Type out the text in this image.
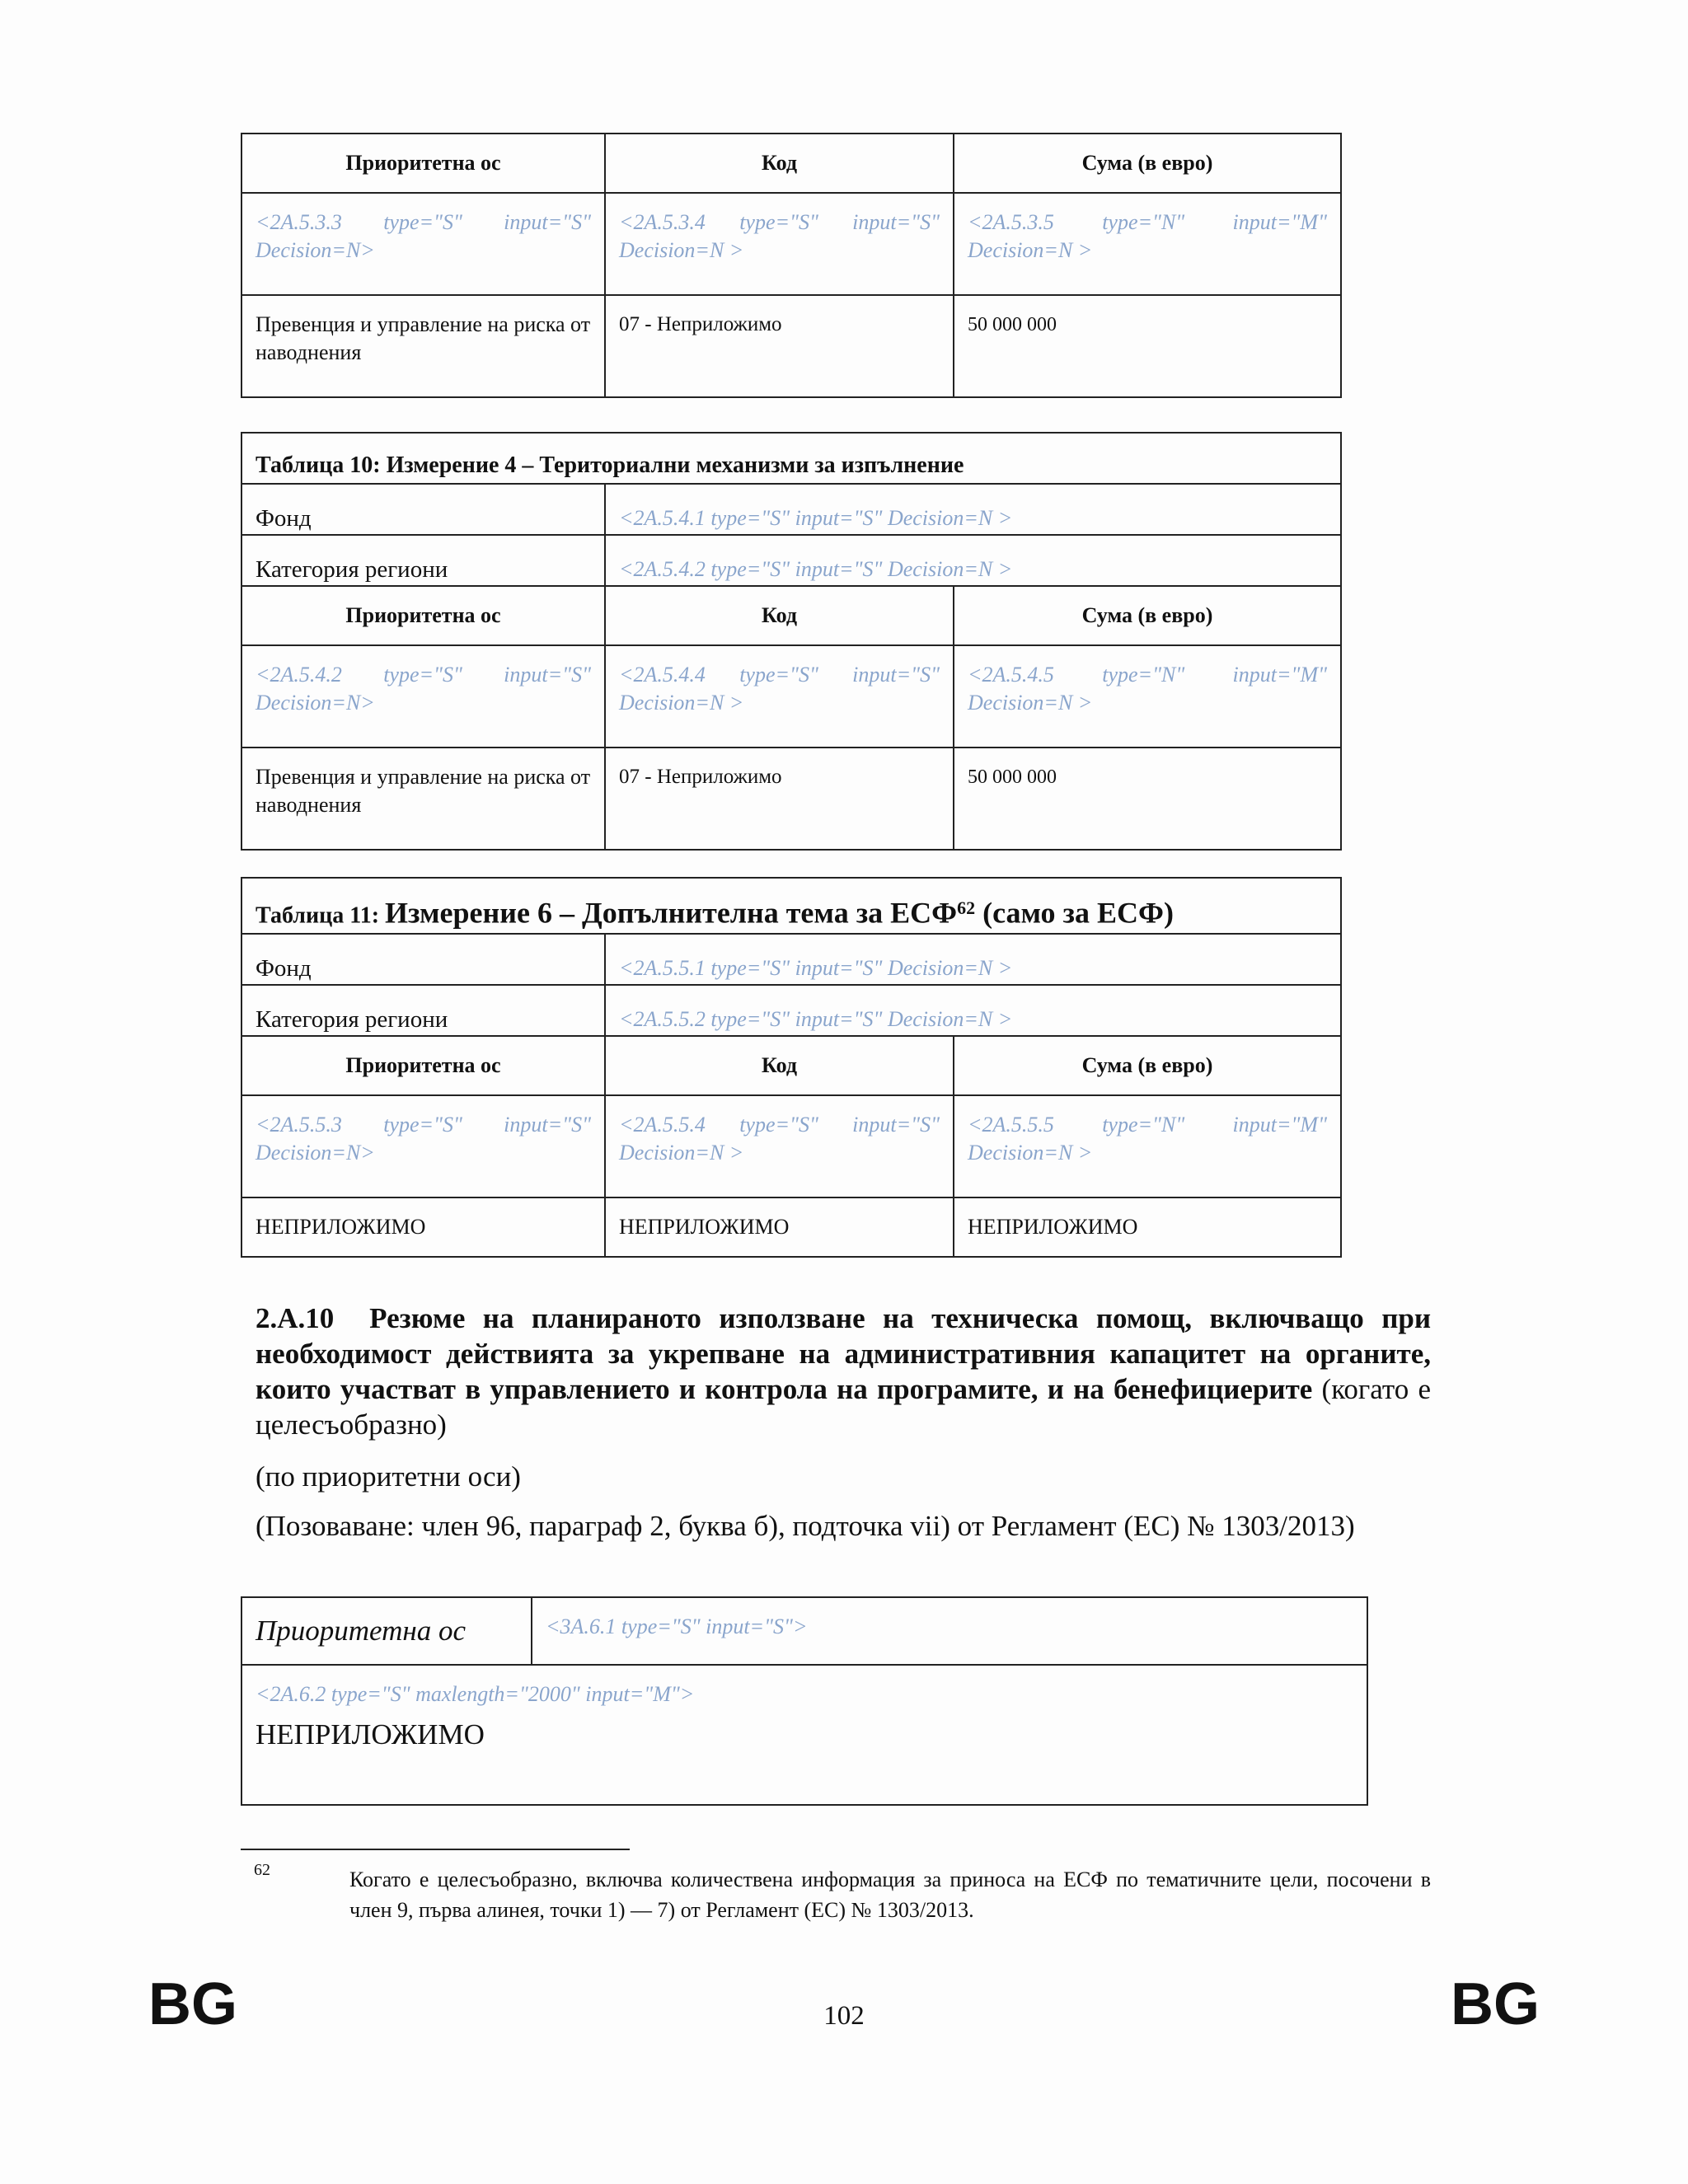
Приоритетна ос	Код	Сума (в евро)
<2A.5.3.3 type="S" input="S" Decision=N>	<2A.5.3.4 type="S" input="S" Decision=N >	<2A.5.3.5 type="N" input="M" Decision=N >
Превенция и управление на риска от наводнения	07 - Неприложимо	50 000 000
Таблица 10: Измерение 4 – Териториални механизми за изпълнение		
Фонд	<2A.5.4.1 type="S" input="S" Decision=N >	
Категория региони	<2A.5.4.2 type="S" input="S" Decision=N >	
Приоритетна ос	Код	Сума (в евро)
<2A.5.4.2 type="S" input="S" Decision=N>	<2A.5.4.4 type="S" input="S" Decision=N >	<2A.5.4.5 type="N" input="M" Decision=N >
Превенция и управление на риска от наводнения	07 - Неприложимо	50 000 000
Таблица 11: Измерение 6 – Допълнителна тема за ЕСФ$^{62}$ (само за ЕСФ)		
Фонд	<2A.5.5.1 type="S" input="S" Decision=N >	
Категория региони	<2A.5.5.2 type="S" input="S" Decision=N >	
Приоритетна ос	Код	Сума (в евро)
<2A.5.5.3 type="S" input="S" Decision=N>	<2A.5.5.4 type="S" input="S" Decision=N >	<2A.5.5.5 type="N" input="M" Decision=N >
НЕПРИЛОЖИМО	НЕПРИЛОЖИМО	НЕПРИЛОЖИМО
2.A.10 Резюме на планираното използване на техническа помощ, включващо при необходимост действията за укрепване на административния капацитет на органите, които участват в управлението и контрола на програмите, и на бенефициерите (когато е целесъобразно)
(по приоритетни оси)
(Позоваване: член 96, параграф 2, буква б), подточка vii) от Регламент (ЕС) № 1303/2013)
Приоритетна ос	<3A.6.1 type="S" input="S">

<2A.6.2 type="S" maxlength="2000" input="M">
НЕПРИЛОЖИМО
62	Когато е целесъобразно, включва количествена информация за приноса на ЕСФ по тематичните цели, посочени в член 9, първа алинея, точки 1) — 7) от Регламент (ЕС) № 1303/2013.
BG	102	BG
